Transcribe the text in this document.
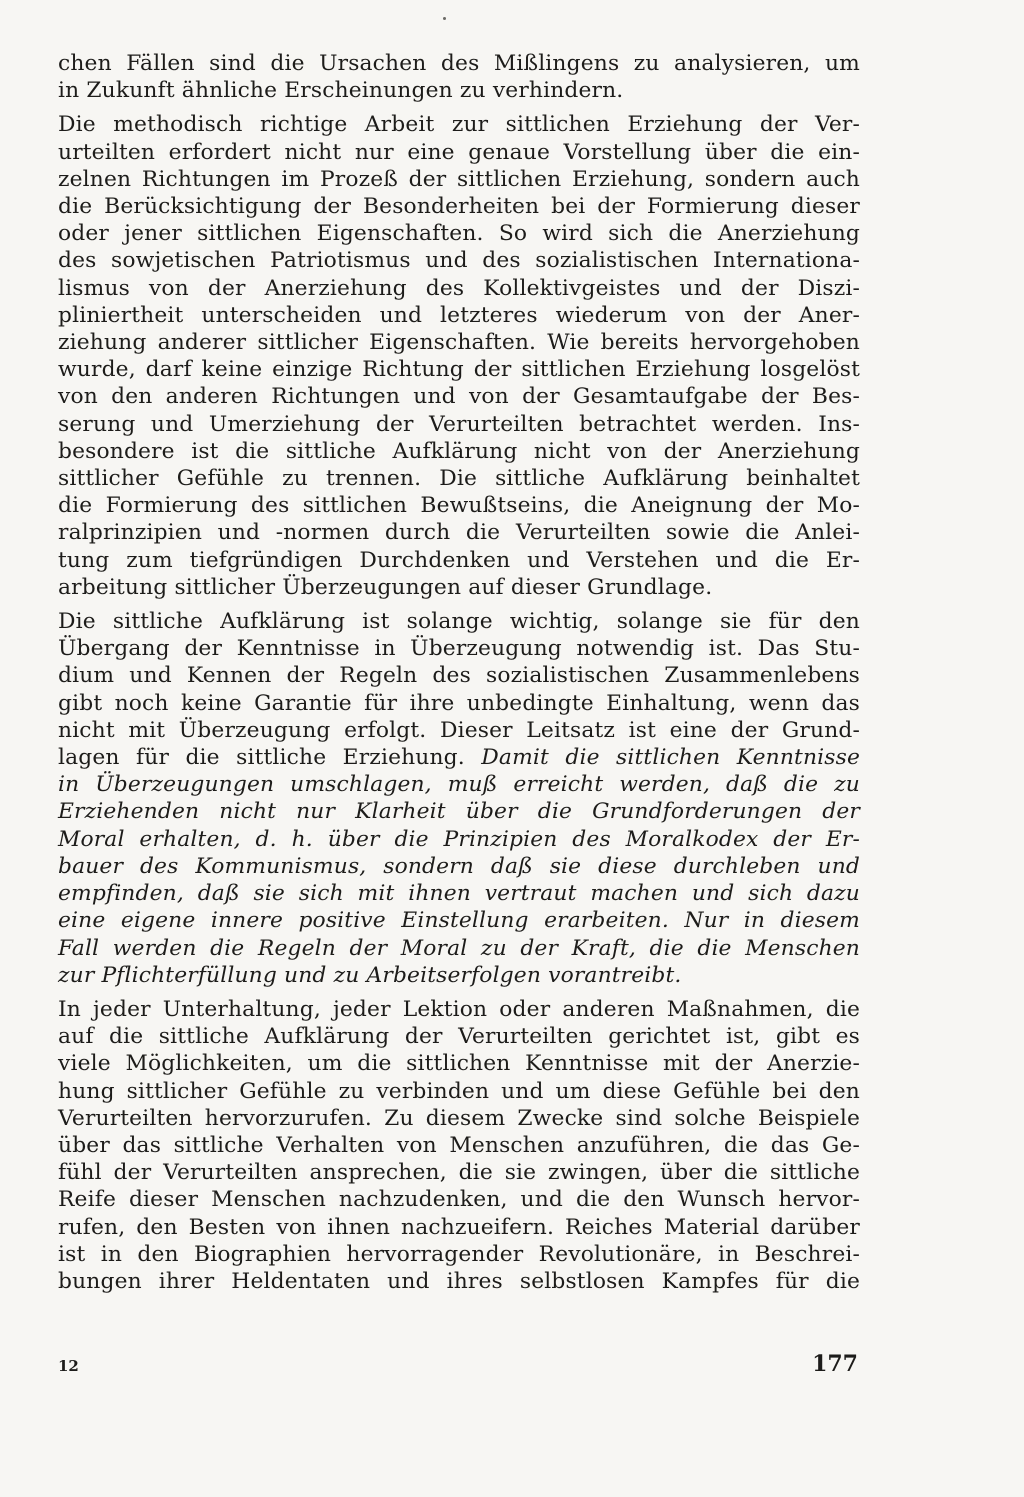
chen Fällen sind die Ursachen des Mißlingens zu analysieren, um
in Zukunft ähnliche Erscheinungen zu verhindern.

Die methodisch richtige Arbeit zur sittlichen Erziehung der Ver-
urteilten erfordert nicht nur eine genaue Vorstellung über die ein-
zelnen Richtungen im Prozeß der sittlichen Erziehung, sondern auch
die Berücksichtigung der Besonderheiten bei der Formierung dieser
oder jener sittlichen Eigenschaften. So wird sich die Anerziehung
des sowjetischen Patriotismus und des sozialistischen Internationa-
lismus von der Anerziehung des Kollektivgeistes und der Diszi-
pliniertheit unterscheiden und letzteres wiederum von der Aner-
ziehung anderer sittlicher Eigenschaften. Wie bereits hervorgehoben
wurde, darf keine einzige Richtung der sittlichen Erziehung losgelöst
von den anderen Richtungen und von der Gesamtaufgabe der Bes-
serung und Umerziehung der Verurteilten betrachtet werden. Ins-
besondere ist die sittliche Aufklärung nicht von der Anerziehung
sittlicher Gefühle zu trennen. Die sittliche Aufklärung beinhaltet
die Formierung des sittlichen Bewußtseins, die Aneignung der Mo-
ralprinzipien und -normen durch die Verurteilten sowie die Anlei-
tung zum tiefgründigen Durchdenken und Verstehen und die Er-
arbeitung sittlicher Überzeugungen auf dieser Grundlage.

Die sittliche Aufklärung ist solange wichtig, solange sie für den
Übergang der Kenntnisse in Überzeugung notwendig ist. Das Stu-
dium und Kennen der Regeln des sozialistischen Zusammenlebens
gibt noch keine Garantie für ihre unbedingte Einhaltung, wenn das
nicht mit Überzeugung erfolgt. Dieser Leitsatz ist eine der Grund-
lagen für die sittliche Erziehung. Damit die sittlichen Kenntnisse
in Überzeugungen umschlagen, muß erreicht werden, daß die zu
Erziehenden nicht nur Klarheit über die Grundforderungen der
Moral erhalten, d. h. über die Prinzipien des Moralkodex der Er-
bauer des Kommunismus, sondern daß sie diese durchleben und
empfinden, daß sie sich mit ihnen vertraut machen und sich dazu
eine eigene innere positive Einstellung erarbeiten. Nur in diesem
Fall werden die Regeln der Moral zu der Kraft, die die Menschen
zur Pflichterfüllung und zu Arbeitserfolgen vorantreibt.

In jeder Unterhaltung, jeder Lektion oder anderen Maßnahmen, die
auf die sittliche Aufklärung der Verurteilten gerichtet ist, gibt es
viele Möglichkeiten, um die sittlichen Kenntnisse mit der Anerzie-
hung sittlicher Gefühle zu verbinden und um diese Gefühle bei den
Verurteilten hervorzurufen. Zu diesem Zwecke sind solche Beispiele
über das sittliche Verhalten von Menschen anzuführen, die das Ge-
fühl der Verurteilten ansprechen, die sie zwingen, über die sittliche
Reife dieser Menschen nachzudenken, und die den Wunsch hervor-
rufen, den Besten von ihnen nachzueifern. Reiches Material darüber
ist in den Biographien hervorragender Revolutionäre, in Beschrei-
bungen ihrer Heldentaten und ihres selbstlosen Kampfes für die

12	177
